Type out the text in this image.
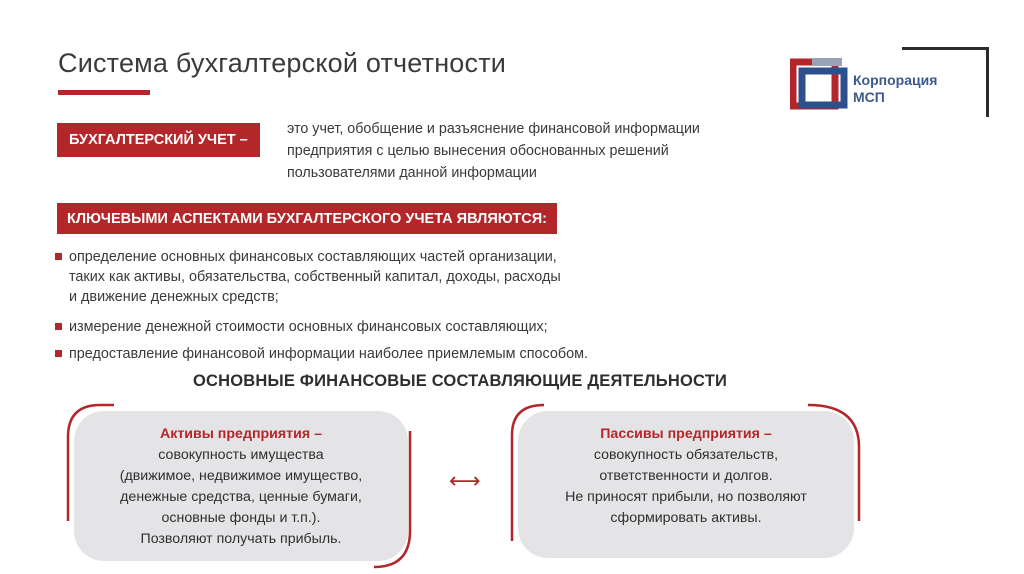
Система бухгалтерской отчетности
Корпорация
МСП
БУХГАЛТЕРСКИЙ УЧЕТ –
это учет, обобщение и разъяснение финансовой информации
предприятия с целью вынесения обоснованных решений
пользователями данной информации
КЛЮЧЕВЫМИ АСПЕКТАМИ БУХГАЛТЕРСКОГО УЧЕТА ЯВЛЯЮТСЯ:
определение основных финансовых составляющих частей организации,
таких как активы, обязательства, собственный капитал, доходы, расходы
и движение денежных средств;
измерение денежной стоимости основных финансовых составляющих;
предоставление финансовой информации наиболее приемлемым способом.
ОСНОВНЫЕ ФИНАНСОВЫЕ СОСТАВЛЯЮЩИЕ ДЕЯТЕЛЬНОСТИ
Активы предприятия –
совокупность имущества
(движимое, недвижимое имущество,
денежные средства, ценные бумаги,
основные фонды и т.п.).
Позволяют получать прибыль.
⟷
Пассивы предприятия –
совокупность обязательств,
ответственности и долгов.
Не приносят прибыли, но позволяют
сформировать активы.
